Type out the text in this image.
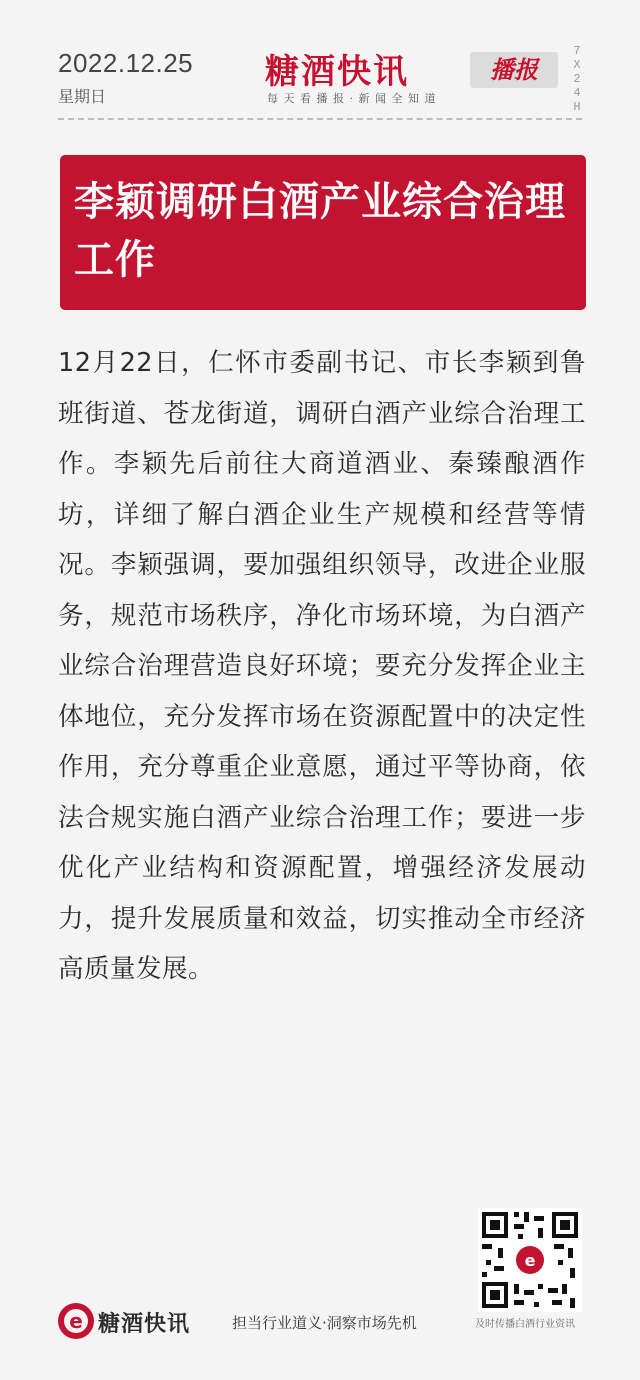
2022.12.25
星期日
糖酒快讯	播报
每天看播报·新闻全知道
7X24H
李颖调研白酒产业综合治理工作
12月22日，仁怀市委副书记、市长李颖到鲁班街道、苍龙街道，调研白酒产业综合治理工作。李颖先后前往大商道酒业、秦臻酿酒作坊，详细了解白酒企业生产规模和经营等情况。李颖强调，要加强组织领导，改进企业服务，规范市场秩序，净化市场环境，为白酒产业综合治理营造良好环境；要充分发挥企业主体地位，充分发挥市场在资源配置中的决定性作用，充分尊重企业意愿，通过平等协商，依法合规实施白酒产业综合治理工作；要进一步优化产业结构和资源配置，增强经济发展动力，提升发展质量和效益，切实推动全市经济高质量发展。
e
e 糖酒快讯	担当行业道义·洞察市场先机	及时传播白酒行业资讯
